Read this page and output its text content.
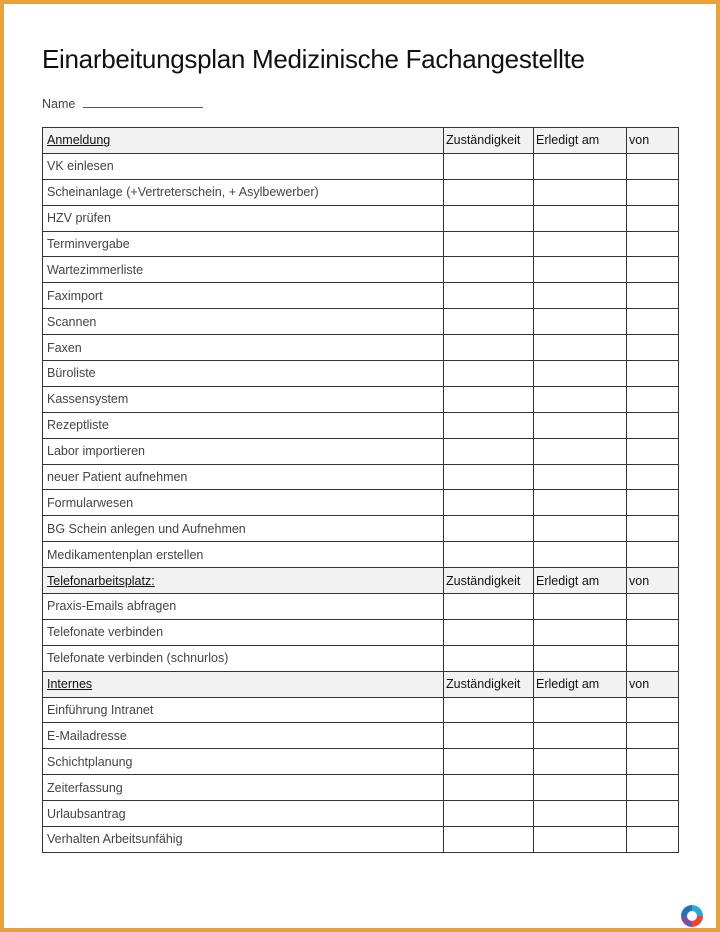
Einarbeitungsplan Medizinische Fachangestellte
Name
Anmeldung	Zuständigkeit	Erledigt am	von
VK einlesen			
Scheinanlage (+Vertreterschein, + Asylbewerber)			
HZV prüfen			
Terminvergabe			
Wartezimmerliste			
Faximport			
Scannen			
Faxen			
Büroliste			
Kassensystem			
Rezeptliste			
Labor importieren			
neuer Patient aufnehmen			
Formularwesen			
BG Schein anlegen und Aufnehmen			
Medikamentenplan erstellen			
Telefonarbeitsplatz:	Zuständigkeit	Erledigt am	von
Praxis-Emails abfragen			
Telefonate verbinden			
Telefonate verbinden (schnurlos)			
Internes	Zuständigkeit	Erledigt am	von
Einführung Intranet			
E-Mailadresse			
Schichtplanung			
Zeiterfassung			
Urlaubsantrag			
Verhalten Arbeitsunfähig			
